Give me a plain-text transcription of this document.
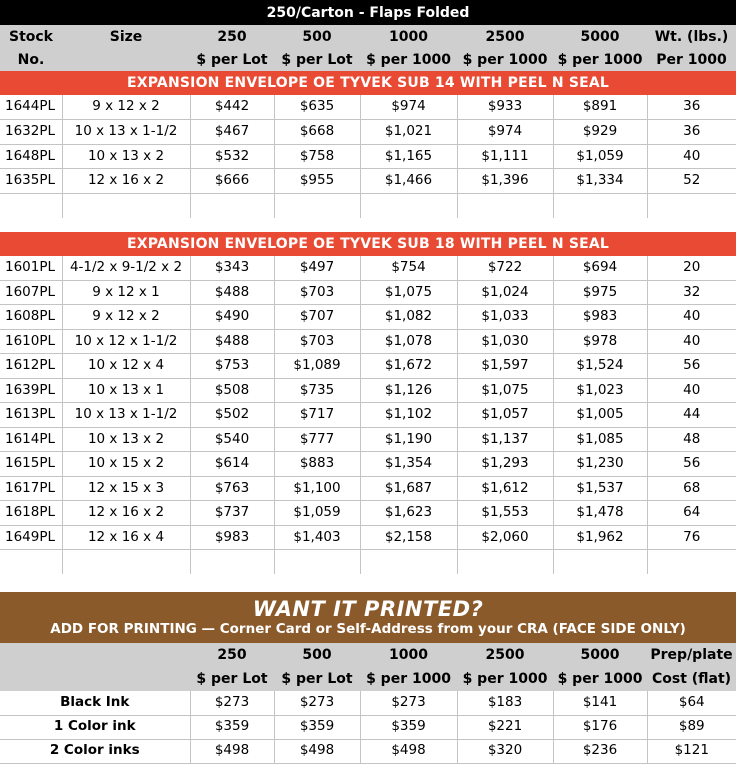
250/Carton - Flaps Folded							
Stock	Size	250	500	1000	2500	5000	Wt. (lbs.)
No.		$ per Lot	$ per Lot	$ per 1000	$ per 1000	$ per 1000	Per 1000
EXPANSION ENVELOPE OE TYVEK SUB 14 WITH PEEL N SEAL							
1644PL	9 x 12 x 2	$442	$635	$974	$933	$891	36
1632PL	10 x 13 x 1-1/2	$467	$668	$1,021	$974	$929	36
1648PL	10 x 13 x 2	$532	$758	$1,165	$1,111	$1,059	40
1635PL	12 x 16 x 2	$666	$955	$1,466	$1,396	$1,334	52

EXPANSION ENVELOPE OE TYVEK SUB 18 WITH PEEL N SEAL							
1601PL	4-1/2 x 9-1/2 x 2	$343	$497	$754	$722	$694	20
1607PL	9 x 12 x 1	$488	$703	$1,075	$1,024	$975	32
1608PL	9 x 12 x 2	$490	$707	$1,082	$1,033	$983	40
1610PL	10 x 12 x 1-1/2	$488	$703	$1,078	$1,030	$978	40
1612PL	10 x 12 x 4	$753	$1,089	$1,672	$1,597	$1,524	56
1639PL	10 x 13 x 1	$508	$735	$1,126	$1,075	$1,023	40
1613PL	10 x 13 x 1-1/2	$502	$717	$1,102	$1,057	$1,005	44
1614PL	10 x 13 x 2	$540	$777	$1,190	$1,137	$1,085	48
1615PL	10 x 15 x 2	$614	$883	$1,354	$1,293	$1,230	56
1617PL	12 x 15 x 3	$763	$1,100	$1,687	$1,612	$1,537	68
1618PL	12 x 16 x 2	$737	$1,059	$1,623	$1,553	$1,478	64
1649PL	12 x 16 x 4	$983	$1,403	$2,158	$2,060	$1,962	76

WANT IT PRINTED?							
ADD FOR PRINTING — Corner Card or Self-Address from your CRA (FACE SIDE ONLY)							
		250	500	1000	2500	5000	Prep/plate
		$ per Lot	$ per Lot	$ per 1000	$ per 1000	$ per 1000	Cost (flat)
Black Ink		$273	$273	$273	$183	$141	$64
1 Color ink		$359	$359	$359	$221	$176	$89
2 Color inks		$498	$498	$498	$320	$236	$121
